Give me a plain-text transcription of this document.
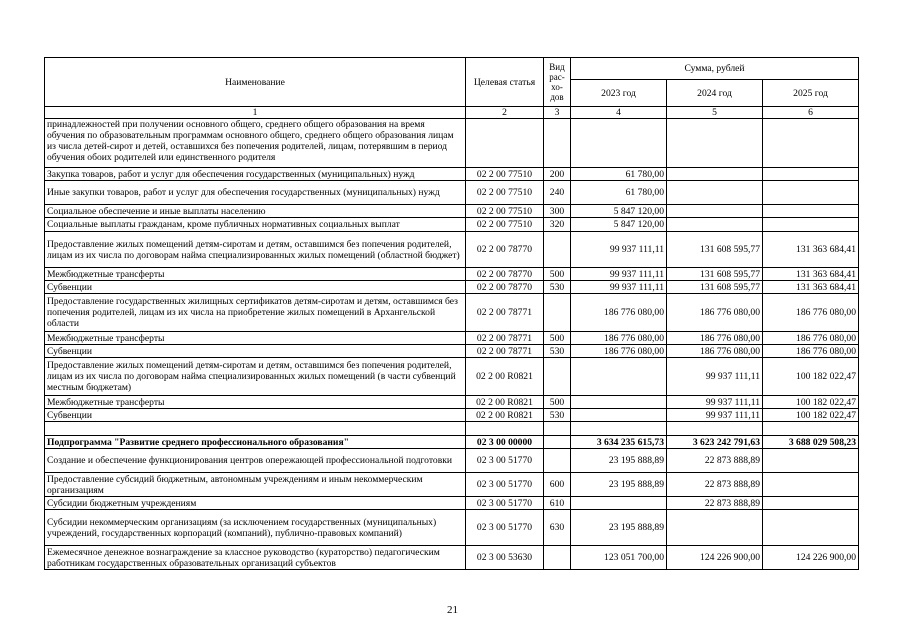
Наименование	Целевая статья	Вид рас-хо-дов	Сумма, рублей		
			2023 год	2024 год	2025 год
1	2	3	4	5	6
принадлежностей при получении основного общего, среднего общего образования на время обучения по образовательным программам основного общего, среднего общего образования лицам из числа детей-сирот и детей, оставшихся без попечения родителей, лицам, потерявшим в период обучения обоих родителей или единственного родителя					
Закупка товаров, работ и услуг для обеспечения государственных (муниципальных) нужд	02 2 00 77510	200	61 780,00		
Иные закупки товаров, работ и услуг для обеспечения государственных (муниципальных) нужд	02 2 00 77510	240	61 780,00		
Социальное обеспечение и иные выплаты населению	02 2 00 77510	300	5 847 120,00		
Социальные выплаты гражданам, кроме публичных нормативных социальных выплат	02 2 00 77510	320	5 847 120,00		
Предоставление жилых помещений детям-сиротам и детям, оставшимся без попечения родителей, лицам из их числа по договорам найма специализированных жилых помещений (областной бюджет)	02 2 00 78770		99 937 111,11	131 608 595,77	131 363 684,41
Межбюджетные трансферты	02 2 00 78770	500	99 937 111,11	131 608 595,77	131 363 684,41
Субвенции	02 2 00 78770	530	99 937 111,11	131 608 595,77	131 363 684,41
Предоставление государственных жилищных сертификатов детям-сиротам и детям, оставшимся без попечения родителей, лицам из их числа на приобретение жилых помещений в Архангельской области	02 2 00 78771		186 776 080,00	186 776 080,00	186 776 080,00
Межбюджетные трансферты	02 2 00 78771	500	186 776 080,00	186 776 080,00	186 776 080,00
Субвенции	02 2 00 78771	530	186 776 080,00	186 776 080,00	186 776 080,00
Предоставление жилых помещений детям-сиротам и детям, оставшимся без попечения родителей, лицам из их числа по договорам найма специализированных жилых помещений (в части субвенций местным бюджетам)	02 2 00 R0821			99 937 111,11	100 182 022,47
Межбюджетные трансферты	02 2 00 R0821	500		99 937 111,11	100 182 022,47
Субвенции	02 2 00 R0821	530		99 937 111,11	100 182 022,47

Подпрограмма "Развитие среднего профессионального образования"	02 3 00 00000		3 634 235 615,73	3 623 242 791,63	3 688 029 508,23
Создание и обеспечение функционирования центров опережающей профессиональной подготовки	02 3 00 51770		23 195 888,89	22 873 888,89	
Предоставление субсидий бюджетным, автономным учреждениям и иным некоммерческим организациям	02 3 00 51770	600	23 195 888,89	22 873 888,89	
Субсидии бюджетным учреждениям	02 3 00 51770	610		22 873 888,89	
Субсидии некоммерческим организациям (за исключением государственных (муниципальных) учреждений, государственных корпораций (компаний), публично-правовых компаний)	02 3 00 51770	630	23 195 888,89		
Ежемесячное денежное вознаграждение за классное руководство (кураторство) педагогическим работникам государственных образовательных организаций субъектов	02 3 00 53630		123 051 700,00	124 226 900,00	124 226 900,00
21
